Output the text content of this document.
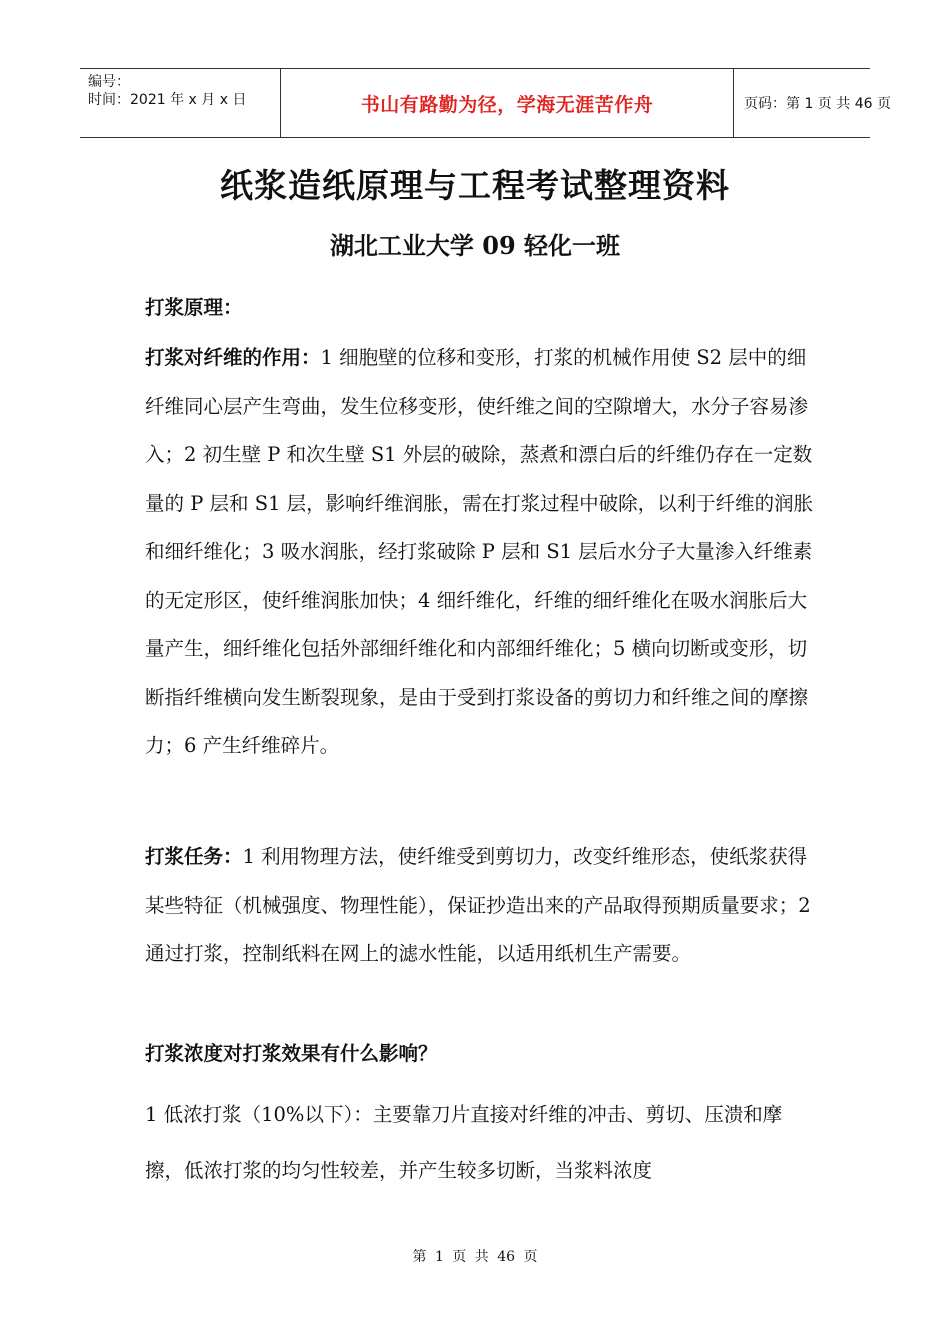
编号：
时间：2021 年 x 月 x 日	书山有路勤为径，学海无涯苦作舟	页码：第 1 页 共 46 页
纸浆造纸原理与工程考试整理资料
湖北工业大学 09 轻化一班

打浆原理：

打浆对纤维的作用：1 细胞壁的位移和变形，打浆的机械作用使 S2 层中的细纤维同心层产生弯曲，发生位移变形，使纤维之间的空隙增大，水分子容易渗入；2 初生壁 P 和次生壁 S1 外层的破除，蒸煮和漂白后的纤维仍存在一定数量的 P 层和 S1 层，影响纤维润胀，需在打浆过程中破除，以利于纤维的润胀和细纤维化；3 吸水润胀，经打浆破除 P 层和 S1 层后水分子大量渗入纤维素的无定形区，使纤维润胀加快；4 细纤维化，纤维的细纤维化在吸水润胀后大量产生，细纤维化包括外部细纤维化和内部细纤维化；5 横向切断或变形，切断指纤维横向发生断裂现象，是由于受到打浆设备的剪切力和纤维之间的摩擦力；6 产生纤维碎片。

打浆任务：1 利用物理方法，使纤维受到剪切力，改变纤维形态，使纸浆获得某些特征（机械强度、物理性能），保证抄造出来的产品取得预期质量要求；2 通过打浆，控制纸料在网上的滤水性能，以适用纸机生产需要。

打浆浓度对打浆效果有什么影响？

1 低浓打浆（10%以下）：主要靠刀片直接对纤维的冲击、剪切、压溃和摩擦，低浓打浆的均匀性较差，并产生较多切断，当浆料浓度

第 1 页 共 46 页
